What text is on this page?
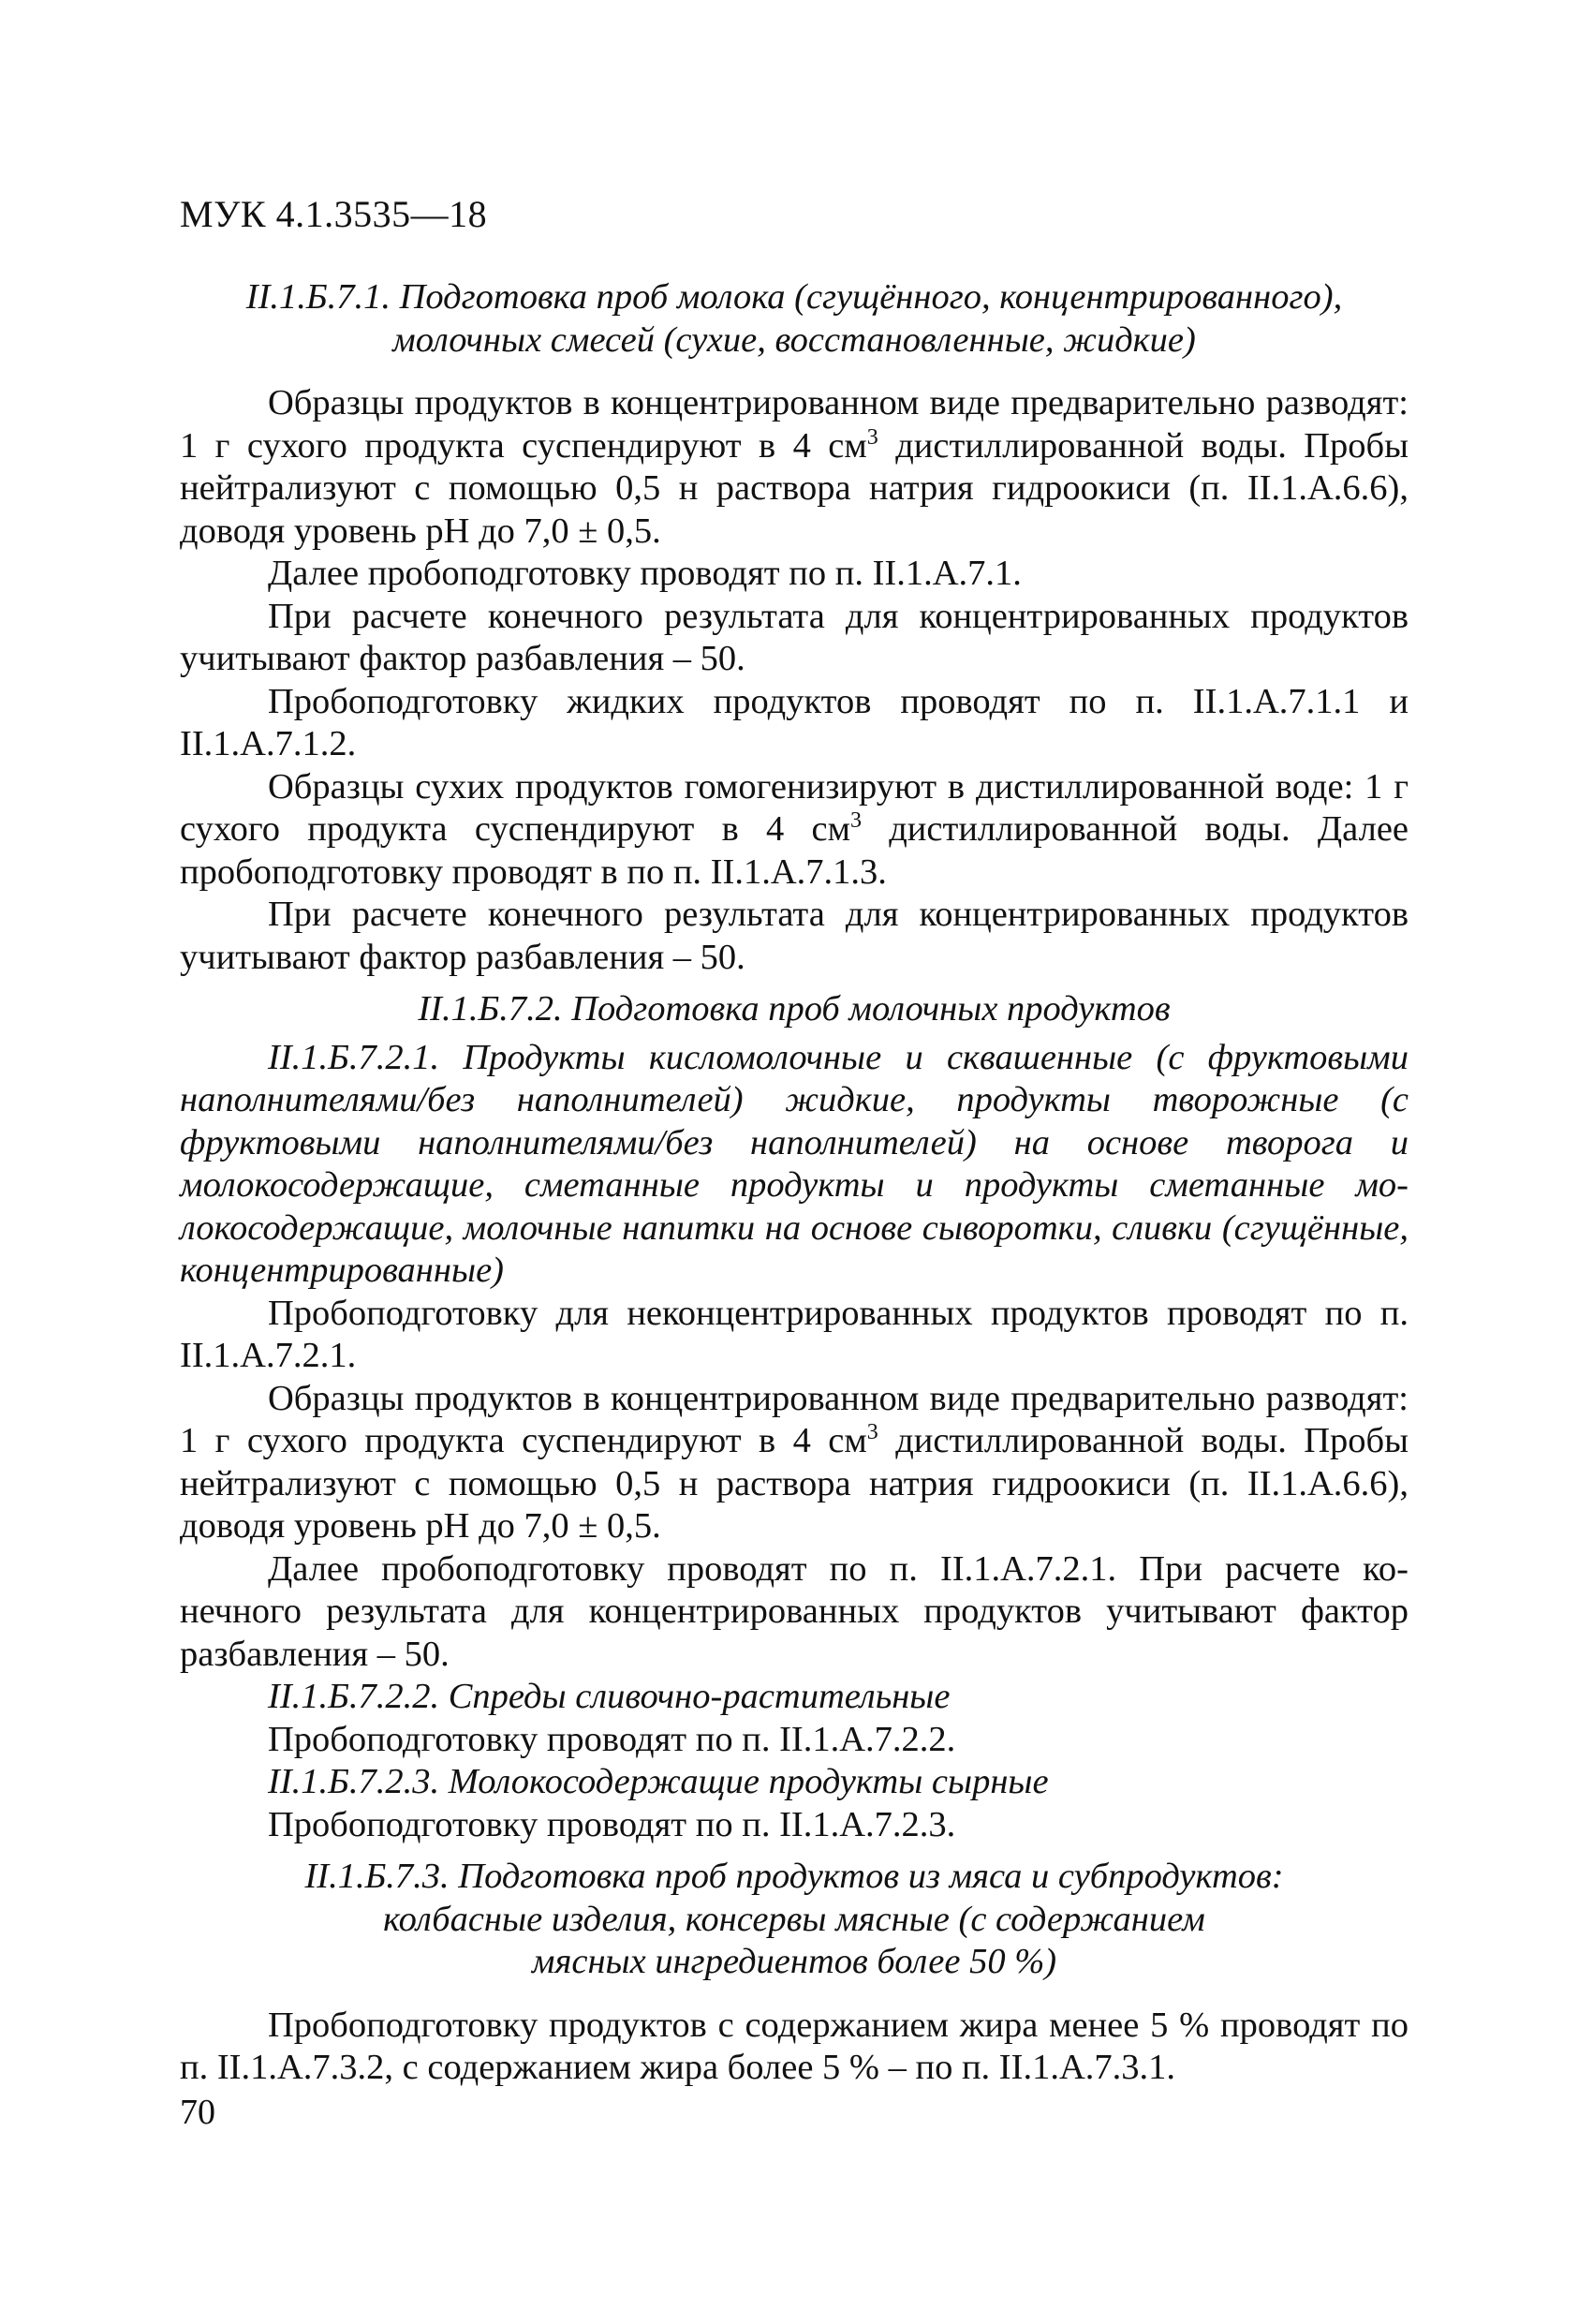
МУК 4.1.3535—18
II.1.Б.7.1. Подготовка проб молока (сгущённого, концентрированного),
молочных смесей (сухие, восстановленные, жидкие)

Образцы продуктов в концентрированном виде предварительно разводят: 1 г сухого продукта суспендируют в 4 $см^3$ дистиллированной воды. Пробы нейтрализуют с помощью 0,5 н раствора натрия гидроокиси (п. II.1.А.6.6), доводя уровень рН до 7,0 ± 0,5.

Далее пробоподготовку проводят по п. II.1.А.7.1.

При расчете конечного результата для концентрированных продуктов учитывают фактор разбавления – 50.

Пробоподготовку жидких продуктов проводят по п. II.1.А.7.1.1 и II.1.А.7.1.2.

Образцы сухих продуктов гомогенизируют в дистиллированной воде: 1 г сухого продукта суспендируют в 4 $см^3$ дистиллированной воды. Далее пробоподготовку проводят в по п. II.1.А.7.1.3.

При расчете конечного результата для концентрированных продуктов учитывают фактор разбавления – 50.

II.1.Б.7.2. Подготовка проб молочных продуктов

II.1.Б.7.2.1. Продукты кисломолочные и сквашенные (с фруктовыми наполнителями/без наполнителей) жидкие, продукты творожные (с фруктовыми наполнителями/без наполнителей) на основе творога и молокосодержащие, сметанные продукты и продукты сметанные молокосодержащие, молочные напитки на основе сыворотки, сливки (сгущённые, концентрированные)

Пробоподготовку для неконцентрированных продуктов проводят по п. II.1.А.7.2.1.

Образцы продуктов в концентрированном виде предварительно разводят: 1 г сухого продукта суспендируют в 4 $см^3$ дистиллированной воды. Пробы нейтрализуют с помощью 0,5 н раствора натрия гидроокиси (п. II.1.А.6.6), доводя уровень рН до 7,0 ± 0,5.

Далее пробоподготовку проводят по п. II.1.А.7.2.1. При расчете конечного результата для концентрированных продуктов учитывают фактор разбавления – 50.

II.1.Б.7.2.2. Спреды сливочно-растительные

Пробоподготовку проводят по п. II.1.А.7.2.2.

II.1.Б.7.2.3. Молокосодержащие продукты сырные

Пробоподготовку проводят по п. II.1.А.7.2.3.

II.1.Б.7.3. Подготовка проб продуктов из мяса и субпродуктов:
колбасные изделия, консервы мясные (с содержанием
мясных ингредиентов более 50 %)

Пробоподготовку продуктов с содержанием жира менее 5 % проводят по п. II.1.А.7.3.2, с содержанием жира более 5 % – по п. II.1.А.7.3.1.

70
